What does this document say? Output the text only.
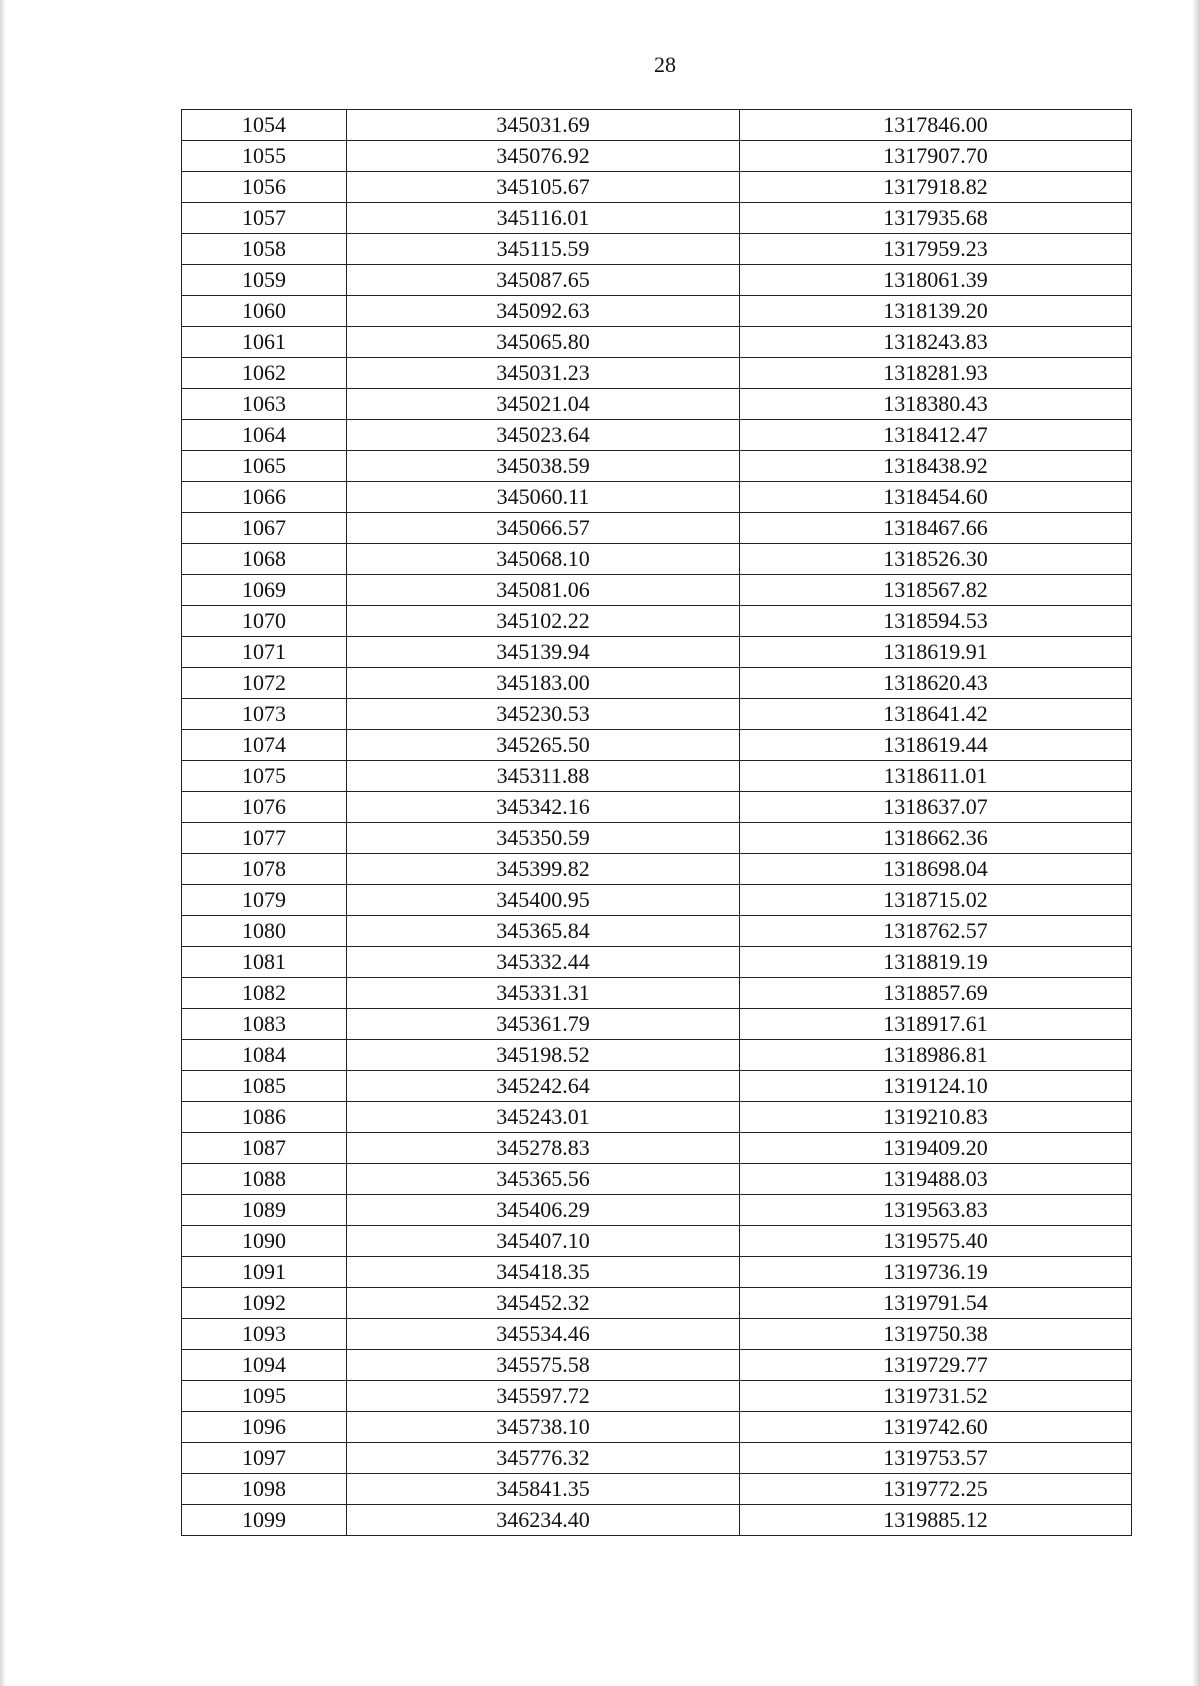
28
1054	345031.69	1317846.00
1055	345076.92	1317907.70
1056	345105.67	1317918.82
1057	345116.01	1317935.68
1058	345115.59	1317959.23
1059	345087.65	1318061.39
1060	345092.63	1318139.20
1061	345065.80	1318243.83
1062	345031.23	1318281.93
1063	345021.04	1318380.43
1064	345023.64	1318412.47
1065	345038.59	1318438.92
1066	345060.11	1318454.60
1067	345066.57	1318467.66
1068	345068.10	1318526.30
1069	345081.06	1318567.82
1070	345102.22	1318594.53
1071	345139.94	1318619.91
1072	345183.00	1318620.43
1073	345230.53	1318641.42
1074	345265.50	1318619.44
1075	345311.88	1318611.01
1076	345342.16	1318637.07
1077	345350.59	1318662.36
1078	345399.82	1318698.04
1079	345400.95	1318715.02
1080	345365.84	1318762.57
1081	345332.44	1318819.19
1082	345331.31	1318857.69
1083	345361.79	1318917.61
1084	345198.52	1318986.81
1085	345242.64	1319124.10
1086	345243.01	1319210.83
1087	345278.83	1319409.20
1088	345365.56	1319488.03
1089	345406.29	1319563.83
1090	345407.10	1319575.40
1091	345418.35	1319736.19
1092	345452.32	1319791.54
1093	345534.46	1319750.38
1094	345575.58	1319729.77
1095	345597.72	1319731.52
1096	345738.10	1319742.60
1097	345776.32	1319753.57
1098	345841.35	1319772.25
1099	346234.40	1319885.12
